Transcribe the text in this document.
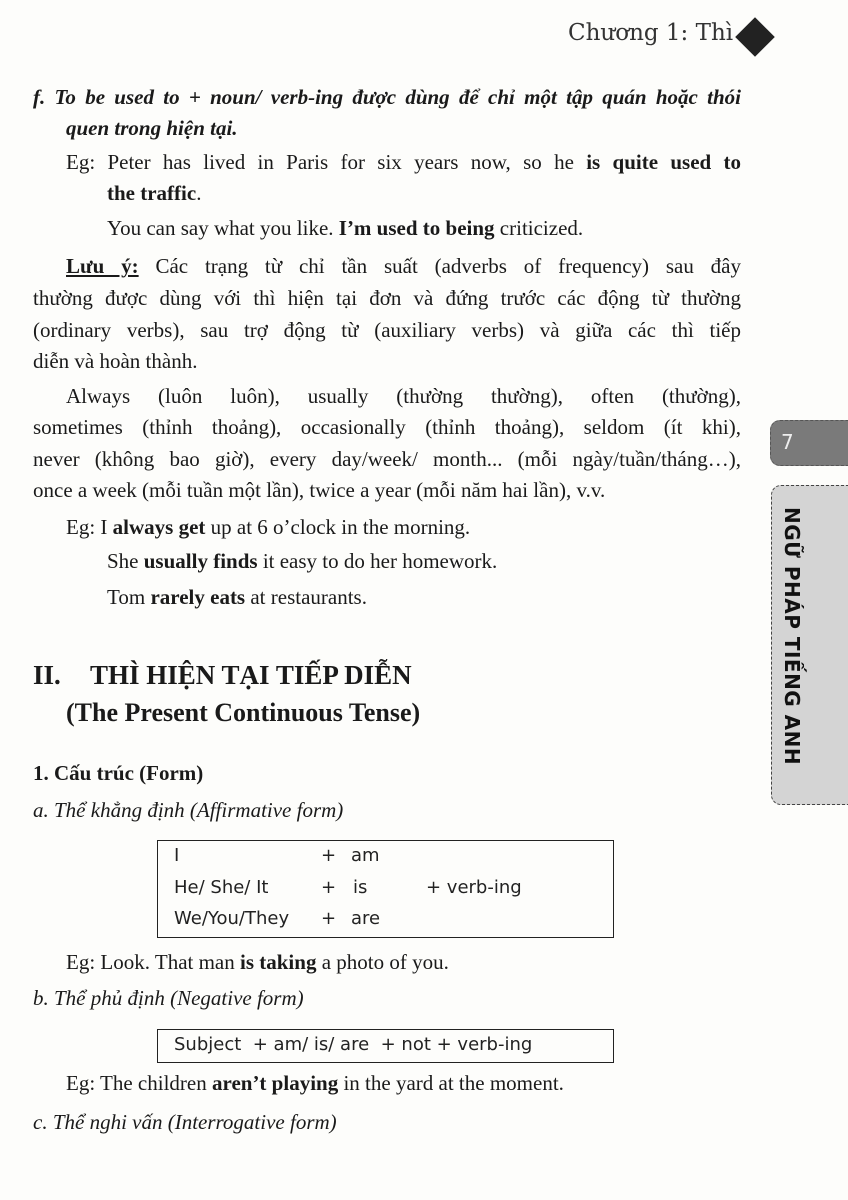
Chương 1: Thì
7
NGỮ PHÁP TIẾNG ANH
f. To be used to + noun/ verb-ing được dùng để chỉ một tập quán hoặc thói
quen trong hiện tại.
Eg: Peter has lived in Paris for six years now, so he is quite used to
the traffic.
You can say what you like. I’m used to being criticized.
Lưu ý: Các trạng từ chỉ tần suất (adverbs of frequency) sau đây
thường được dùng với thì hiện tại đơn và đứng trước các động từ thường
(ordinary verbs), sau trợ động từ (auxiliary verbs) và giữa các thì tiếp
diễn và hoàn thành.
Always (luôn luôn), usually (thường thường), often (thường),
sometimes (thỉnh thoảng), occasionally (thỉnh thoảng), seldom (ít khi),
never (không bao giờ), every day/week/ month... (mỗi ngày/tuần/tháng…),
once a week (mỗi tuần một lần), twice a year (mỗi năm hai lần), v.v.
Eg: I always get up at 6 o’clock in the morning.
She usually finds it easy to do her homework.
Tom rarely eats at restaurants.
1. Cấu trúc (Form)
a. Thể khẳng định (Affirmative form)
Eg: Look. That man is taking a photo of you.
b. Thể phủ định (Negative form)
Eg: The children aren’t playing in the yard at the moment.
c. Thể nghi vấn (Interrogative form)
II. THÌ HIỆN TẠI TIẾP DIỄN
(The Present Continuous Tense)
I	+ am
He/ She/ It	+ is	+ verb-ing
We/You/They + are
Subject  + am/ is/ are  + not + verb-ing
